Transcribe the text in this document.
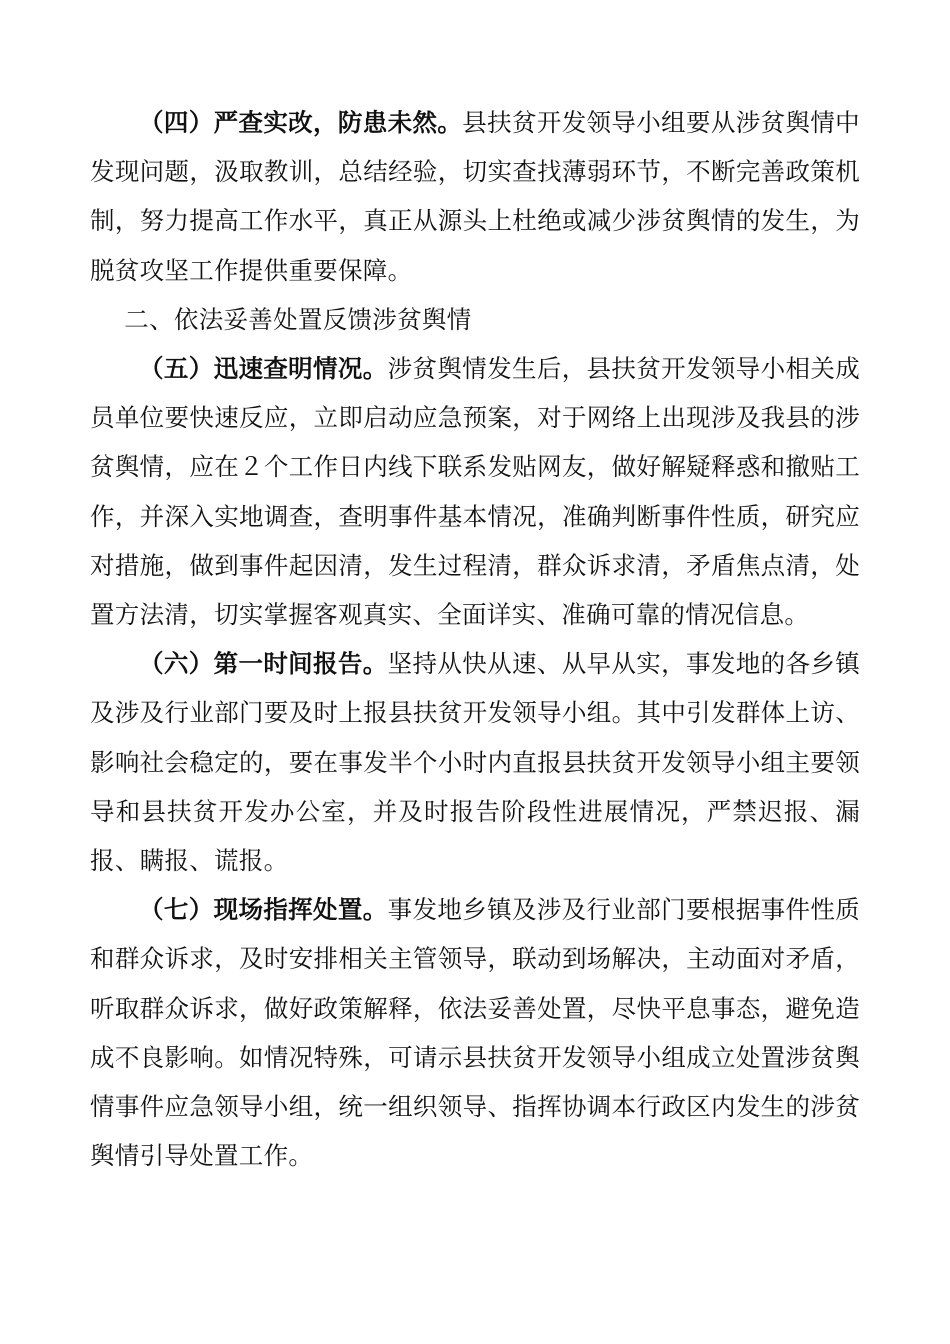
（四）严查实改，防患未然。县扶贫开发领导小组要从涉贫舆情中发现问题，汲取教训，总结经验，切实查找薄弱环节，不断完善政策机制，努力提高工作水平，真正从源头上杜绝或减少涉贫舆情的发生，为脱贫攻坚工作提供重要保障。

二、依法妥善处置反馈涉贫舆情

（五）迅速查明情况。涉贫舆情发生后，县扶贫开发领导小相关成员单位要快速反应，立即启动应急预案，对于网络上出现涉及我县的涉贫舆情，应在２个工作日内线下联系发贴网友，做好解疑释惑和撤贴工作，并深入实地调查，查明事件基本情况，准确判断事件性质，研究应对措施，做到事件起因清，发生过程清，群众诉求清，矛盾焦点清，处置方法清，切实掌握客观真实、全面详实、准确可靠的情况信息。

（六）第一时间报告。坚持从快从速、从早从实，事发地的各乡镇及涉及行业部门要及时上报县扶贫开发领导小组。其中引发群体上访、影响社会稳定的，要在事发半个小时内直报县扶贫开发领导小组主要领导和县扶贫开发办公室，并及时报告阶段性进展情况，严禁迟报、漏报、瞒报、谎报。

（七）现场指挥处置。事发地乡镇及涉及行业部门要根据事件性质和群众诉求，及时安排相关主管领导，联动到场解决，主动面对矛盾，听取群众诉求，做好政策解释，依法妥善处置，尽快平息事态，避免造成不良影响。如情况特殊，可请示县扶贫开发领导小组成立处置涉贫舆情事件应急领导小组，统一组织领导、指挥协调本行政区内发生的涉贫舆情引导处置工作。
